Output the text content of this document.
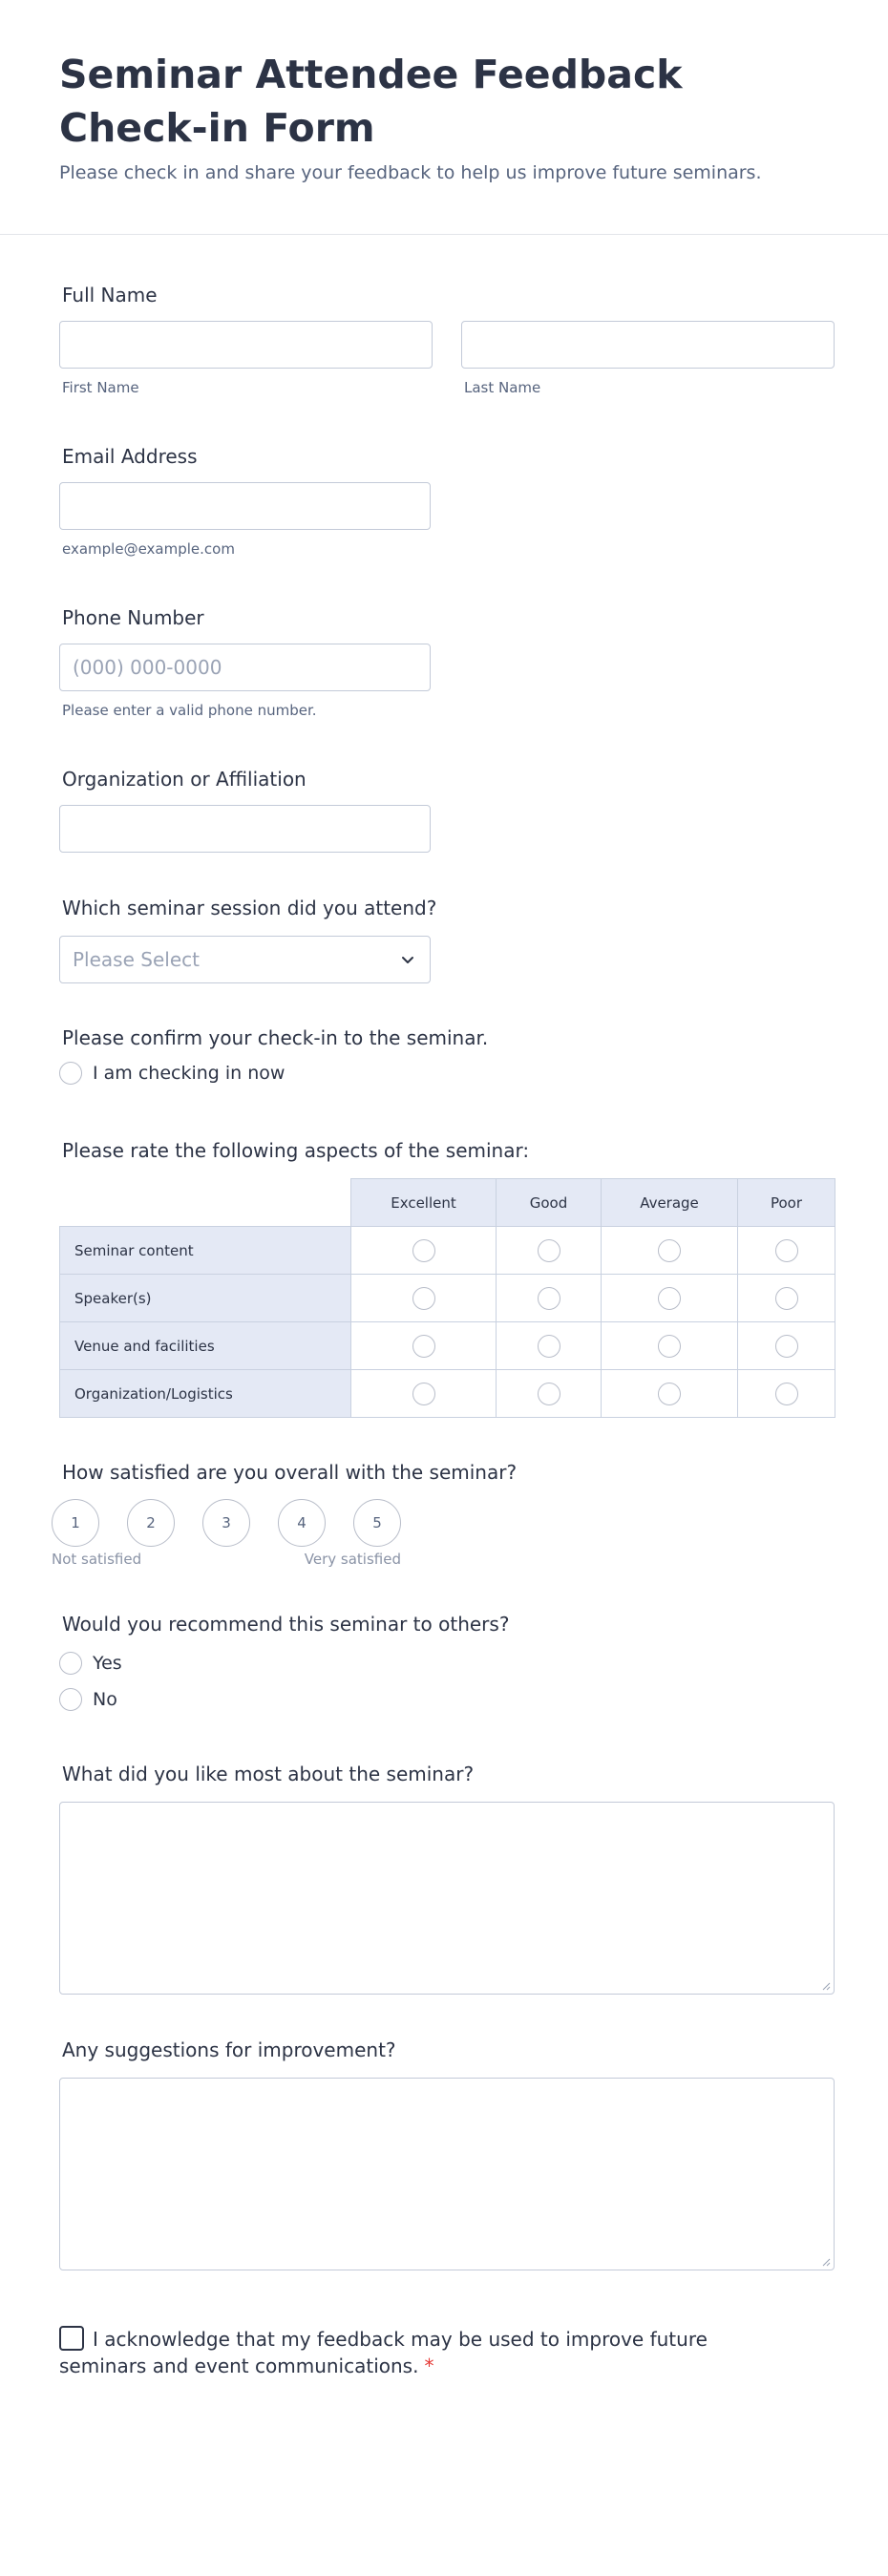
Seminar Attendee Feedback Check-in Form
Please check in and share your feedback to help us improve future seminars.
Full Name
First Name	Last Name
Email Address
example@example.com
Phone Number
(000) 000-0000
Please enter a valid phone number.
Organization or Affiliation
Which seminar session did you attend?
Please Select
Please confirm your check-in to the seminar.
I am checking in now
Please rate the following aspects of the seminar:
	Excellent	Good	Average	Poor
Seminar content				
Speaker(s)				
Venue and facilities				
Organization/Logistics				
How satisfied are you overall with the seminar?
1	2	3	4	5
Not satisfied	Very satisfied
Would you recommend this seminar to others?
Yes
No
What did you like most about the seminar?
Any suggestions for improvement?
I acknowledge that my feedback may be used to improve future seminars and event communications. *
